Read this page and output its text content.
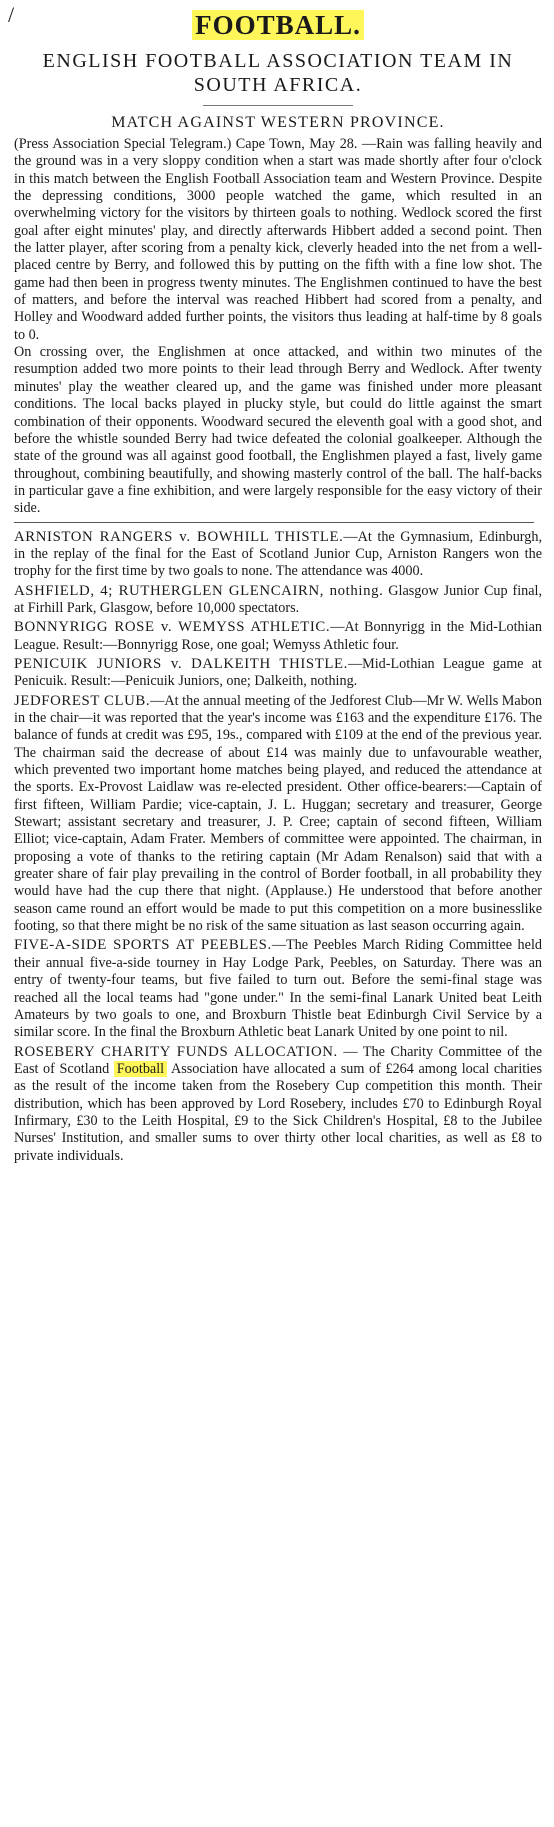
/	FOOTBALL.
ENGLISH FOOTBALL ASSOCIATION TEAM IN SOUTH AFRICA.
MATCH AGAINST WESTERN PROVINCE.

(Press Association Special Telegram.) Cape Town, May 28. —Rain was falling heavily and the ground was in a very sloppy condition when a start was made shortly after four o'clock in this match between the English Football Association team and Western Province. Despite the depressing conditions, 3000 people watched the game, which resulted in an overwhelming victory for the visitors by thirteen goals to nothing. Wedlock scored the first goal after eight minutes' play, and directly afterwards Hibbert added a second point. Then the latter player, after scoring from a penalty kick, cleverly headed into the net from a well-placed centre by Berry, and followed this by putting on the fifth with a fine low shot. The game had then been in progress twenty minutes. The Englishmen continued to have the best of matters, and before the interval was reached Hibbert had scored from a penalty, and Holley and Woodward added further points, the visitors thus leading at half-time by 8 goals to 0.

On crossing over, the Englishmen at once attacked, and within two minutes of the resumption added two more points to their lead through Berry and Wedlock. After twenty minutes' play the weather cleared up, and the game was finished under more pleasant conditions. The local backs played in plucky style, but could do little against the smart combination of their opponents. Woodward secured the eleventh goal with a good shot, and before the whistle sounded Berry had twice defeated the colonial goalkeeper. Although the state of the ground was all against good football, the Englishmen played a fast, lively game throughout, combining beautifully, and showing masterly control of the ball. The half-backs in particular gave a fine exhibition, and were largely responsible for the easy victory of their side.

ARNISTON RANGERS v. BOWHILL THISTLE.—At the Gymnasium, Edinburgh, in the replay of the final for the East of Scotland Junior Cup, Arniston Rangers won the trophy for the first time by two goals to none. The attendance was 4000.

ASHFIELD, 4; RUTHERGLEN GLENCAIRN, nothing. Glasgow Junior Cup final, at Firhill Park, Glasgow, before 10,000 spectators.

BONNYRIGG ROSE v. WEMYSS ATHLETIC.—At Bonnyrigg in the Mid-Lothian League. Result:—Bonnyrigg Rose, one goal; Wemyss Athletic four.

PENICUIK JUNIORS v. DALKEITH THISTLE.—Mid-Lothian League game at Penicuik. Result:—Penicuik Juniors, one; Dalkeith, nothing.

JEDFOREST CLUB.—At the annual meeting of the Jedforest Club—Mr W. Wells Mabon in the chair—it was reported that the year's income was £163 and the expenditure £176. The balance of funds at credit was £95, 19s., compared with £109 at the end of the previous year. The chairman said the decrease of about £14 was mainly due to unfavourable weather, which prevented two important home matches being played, and reduced the attendance at the sports. Ex-Provost Laidlaw was re-elected president. Other office-bearers:—Captain of first fifteen, William Pardie; vice-captain, J. L. Huggan; secretary and treasurer, George Stewart; assistant secretary and treasurer, J. P. Cree; captain of second fifteen, William Elliot; vice-captain, Adam Frater. Members of committee were appointed. The chairman, in proposing a vote of thanks to the retiring captain (Mr Adam Renalson) said that with a greater share of fair play prevailing in the control of Border football, in all probability they would have had the cup there that night. (Applause.) He understood that before another season came round an effort would be made to put this competition on a more businesslike footing, so that there might be no risk of the same situation as last season occurring again.

FIVE-A-SIDE SPORTS AT PEEBLES.—The Peebles March Riding Committee held their annual five-a-side tourney in Hay Lodge Park, Peebles, on Saturday. There was an entry of twenty-four teams, but five failed to turn out. Before the semi-final stage was reached all the local teams had "gone under." In the semi-final Lanark United beat Leith Amateurs by two goals to one, and Broxburn Thistle beat Edinburgh Civil Service by a similar score. In the final the Broxburn Athletic beat Lanark United by one point to nil.

ROSEBERY CHARITY FUNDS ALLOCATION. — The Charity Committee of the East of Scotland Football Association have allocated a sum of £264 among local charities as the result of the income taken from the Rosebery Cup competition this month. Their distribution, which has been approved by Lord Rosebery, includes £70 to Edinburgh Royal Infirmary, £30 to the Leith Hospital, £9 to the Sick Children's Hospital, £8 to the Jubilee Nurses' Institution, and smaller sums to over thirty other local charities, as well as £8 to private individuals.
